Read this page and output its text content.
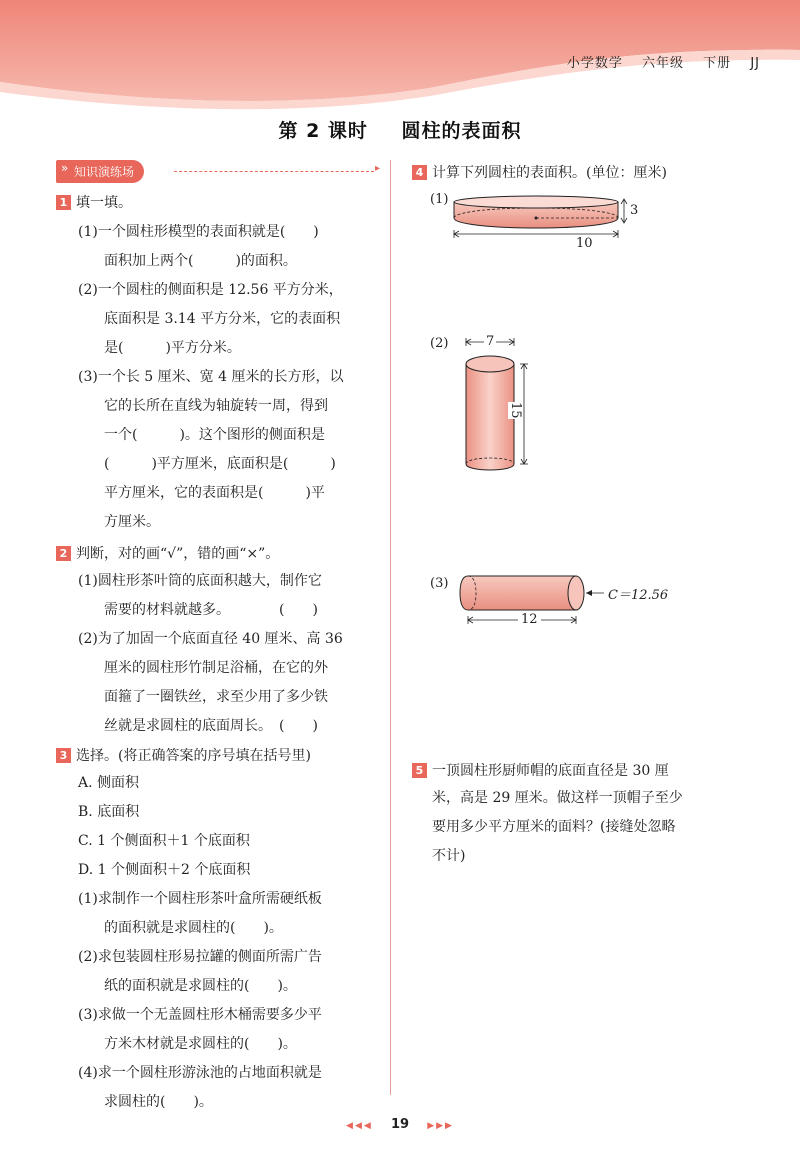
小学数学 六年级 下册 JJ
第 2 课时 圆柱的表面积
» 知识演练场
▸
1 填一填。
(1)一个圆柱形模型的表面积就是(　　)
面积加上两个(　　　)的面积。
(2)一个圆柱的侧面积是 12.56 平方分米，
底面积是 3.14 平方分米，它的表面积
是(　　　)平方分米。
(3)一个长 5 厘米、宽 4 厘米的长方形，以
它的长所在直线为轴旋转一周，得到
一个(　　　)。这个图形的侧面积是
(　　　)平方厘米，底面积是(　　　)
平方厘米，它的表面积是(　　　)平
方厘米。
2 判断，对的画“√”，错的画“×”。
(1)圆柱形茶叶筒的底面积越大，制作它
需要的材料就越多。　　　　(　　)
(2)为了加固一个底面直径 40 厘米、高 36
厘米的圆柱形竹制足浴桶，在它的外
面箍了一圈铁丝，求至少用了多少铁
丝就是求圆柱的底面周长。　(　　)
3 选择。(将正确答案的序号填在括号里)
A. 侧面积
B. 底面积
C. 1 个侧面积＋1 个底面积
D. 1 个侧面积＋2 个底面积
(1)求制作一个圆柱形茶叶盒所需硬纸板
的面积就是求圆柱的(　　)。
(2)求包装圆柱形易拉罐的侧面所需广告
纸的面积就是求圆柱的(　　)。
(3)求做一个无盖圆柱形木桶需要多少平
方米木材就是求圆柱的(　　)。
(4)求一个圆柱形游泳池的占地面积就是
求圆柱的(　　)。
4 计算下列圆柱的表面积。(单位：厘米)
(1)
3
10
(2)	7
15
(3)
C＝12.56
12
5 一顶圆柱形厨师帽的底面直径是 30 厘
米，高是 29 厘米。做这样一顶帽子至少
要用多少平方厘米的面料？(接缝处忽略
不计)
◀◀◀ 19 ▶▶▶
